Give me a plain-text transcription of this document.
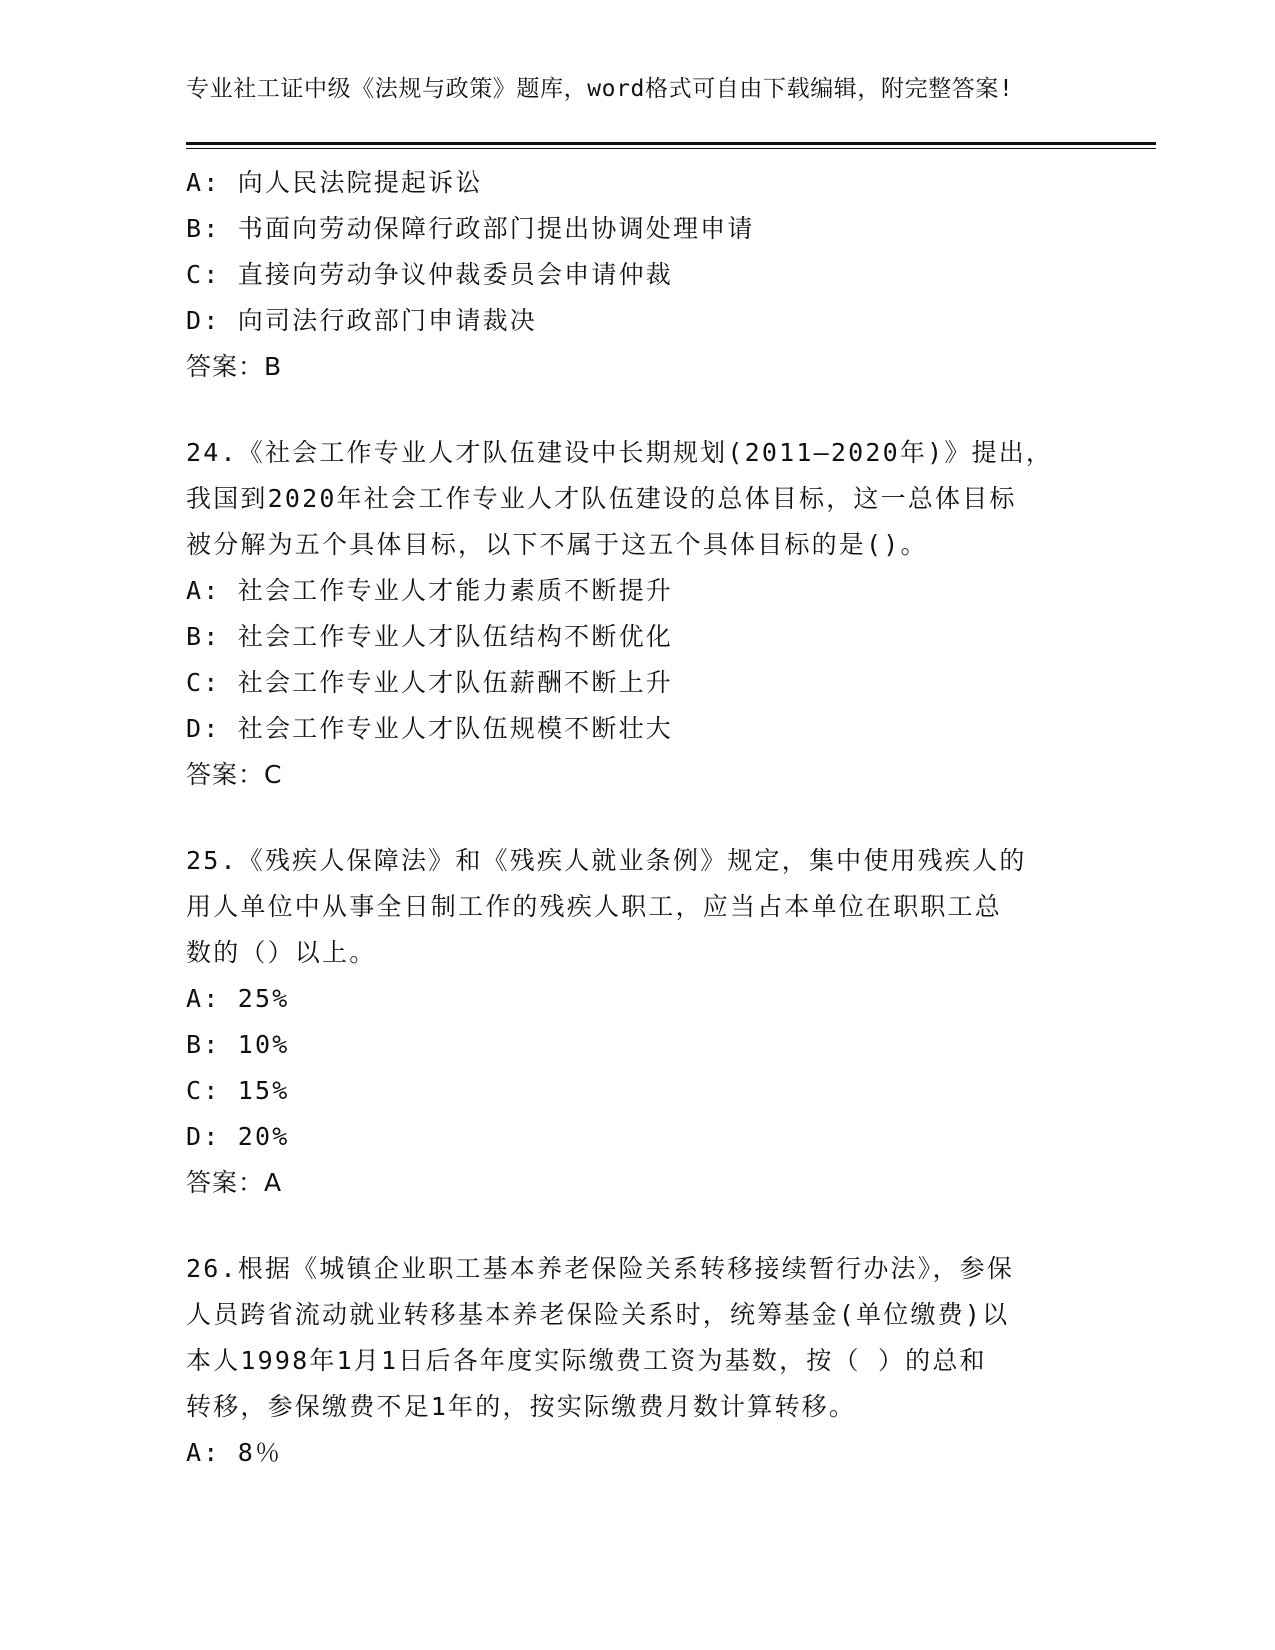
专业社工证中级《法规与政策》题库，word格式可自由下载编辑，附完整答案!
A: 向人民法院提起诉讼
B: 书面向劳动保障行政部门提出协调处理申请
C: 直接向劳动争议仲裁委员会申请仲裁
D: 向司法行政部门申请裁决
答案：B
24.《社会工作专业人才队伍建设中长期规划(2011—2020年)》提出，
我国到2020年社会工作专业人才队伍建设的总体目标，这一总体目标
被分解为五个具体目标，以下不属于这五个具体目标的是()。
A: 社会工作专业人才能力素质不断提升
B: 社会工作专业人才队伍结构不断优化
C: 社会工作专业人才队伍薪酬不断上升
D: 社会工作专业人才队伍规模不断壮大
答案：C
25.《残疾人保障法》和《残疾人就业条例》规定，集中使用残疾人的
用人单位中从事全日制工作的残疾人职工，应当占本单位在职职工总
数的（）以上。
A: 25%
B: 10%
C: 15%
D: 20%
答案：A
26.根据《城镇企业职工基本养老保险关系转移接续暂行办法》，参保
人员跨省流动就业转移基本养老保险关系时，统筹基金(单位缴费)以
本人1998年1月1日后各年度实际缴费工资为基数，按（ ）的总和
转移，参保缴费不足1年的，按实际缴费月数计算转移。
A: 8％
